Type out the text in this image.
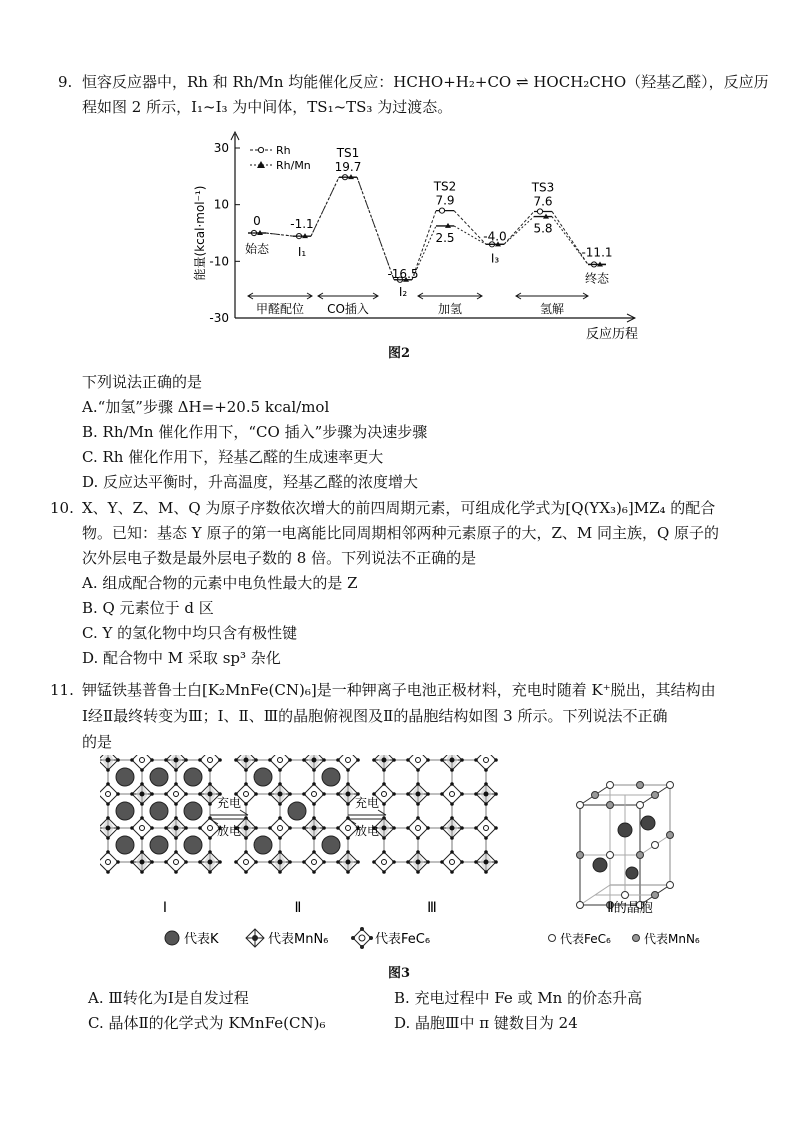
9. 恒容反应器中，Rh 和 Rh/Mn 均能催化反应：HCHO+H₂+CO ⇌ HOCH₂CHO（羟基乙醛），反应历
程如图 2 所示，I₁~I₃ 为中间体，TS₁~TS₃ 为过渡态。
30
10
-10
-30
能量(kcal·mol⁻¹)
反应历程
0 -1.1
19.7
-16.5
7.9
2.5 -4.0
7.6
5.8
-11.1
始态 I₁
TS1
I₂
TS2
I₃
TS3
终态
甲醛配位 CO插入	加氢	氢解
Rh
Rh/Mn
图2
下列说法正确的是
A.“加氢”步骤 ΔH=+20.5 kcal/mol
B. Rh/Mn 催化作用下，“CO 插入”步骤为决速步骤
C. Rh 催化作用下，羟基乙醛的生成速率更大
D. 反应达平衡时，升高温度，羟基乙醛的浓度增大
10. X、Y、Z、M、Q 为原子序数依次增大的前四周期元素，可组成化学式为[Q(YX₃)₆]MZ₄ 的配合
物。已知：基态 Y 原子的第一电离能比同周期相邻两种元素原子的大，Z、M 同主族，Q 原子的
次外层电子数是最外层电子数的 8 倍。下列说法不正确的是
A. 组成配合物的元素中电负性最大的是 Z
B. Q 元素位于 d 区
C. Y 的氢化物中均只含有极性键
D. 配合物中 M 采取 sp³ 杂化
11. 钾锰铁基普鲁士白[K₂MnFe(CN)₆]是一种钾离子电池正极材料，充电时随着 K⁺脱出，其结构由
Ⅰ经Ⅱ最终转变为Ⅲ；Ⅰ、Ⅱ、Ⅲ的晶胞俯视图及Ⅱ的晶胞结构如图 3 所示。下列说法不正确
的是
充电
放电
充电
放电
Ⅰ	Ⅱ	Ⅲ	Ⅱ的晶胞
代表K	代表MnN₆	代表FeC₆	代表FeC₆	代表MnN₆
图3
A. Ⅲ转化为Ⅰ是自发过程	B. 充电过程中 Fe 或 Mn 的价态升高
C. 晶体Ⅱ的化学式为 KMnFe(CN)₆	D. 晶胞Ⅲ中 π 键数目为 24
